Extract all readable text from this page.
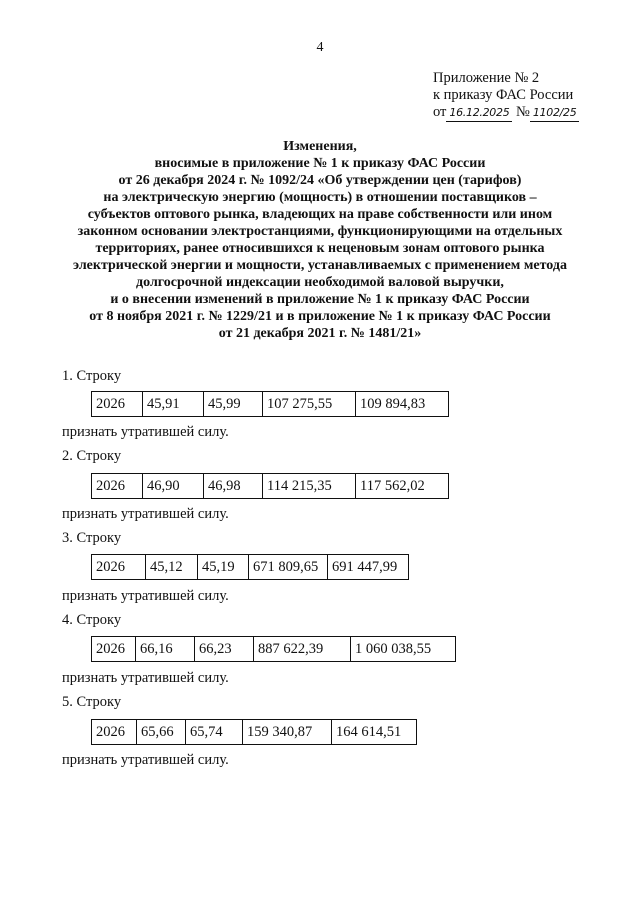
4
Приложение № 2
к приказу ФАС России
от 16.12.2025 № 1102/25
Изменения,
вносимые в приложение № 1 к приказу ФАС России
от 26 декабря 2024 г. № 1092/24 «Об утверждении цен (тарифов)
на электрическую энергию (мощность) в отношении поставщиков –
субъектов оптового рынка, владеющих на праве собственности или ином
законном основании электростанциями, функционирующими на отдельных
территориях, ранее относившихся к неценовым зонам оптового рынка
электрической энергии и мощности, устанавливаемых с применением метода
долгосрочной индексации необходимой валовой выручки,
и о внесении изменений в приложение № 1 к приказу ФАС России
от 8 ноября 2021 г. № 1229/21 и в приложение № 1 к приказу ФАС России
от 21 декабря 2021 г. № 1481/21»
1. Строку
2026	45,91	45,99	107 275,55	109 894,83
признать утратившей силу.
2. Строку
2026	46,90	46,98	114 215,35	117 562,02
признать утратившей силу.
3. Строку
2026	45,12	45,19	671 809,65	691 447,99
признать утратившей силу.
4. Строку
2026	66,16	66,23	887 622,39	1 060 038,55
признать утратившей силу.
5. Строку
2026	65,66	65,74	159 340,87	164 614,51
признать утратившей силу.
